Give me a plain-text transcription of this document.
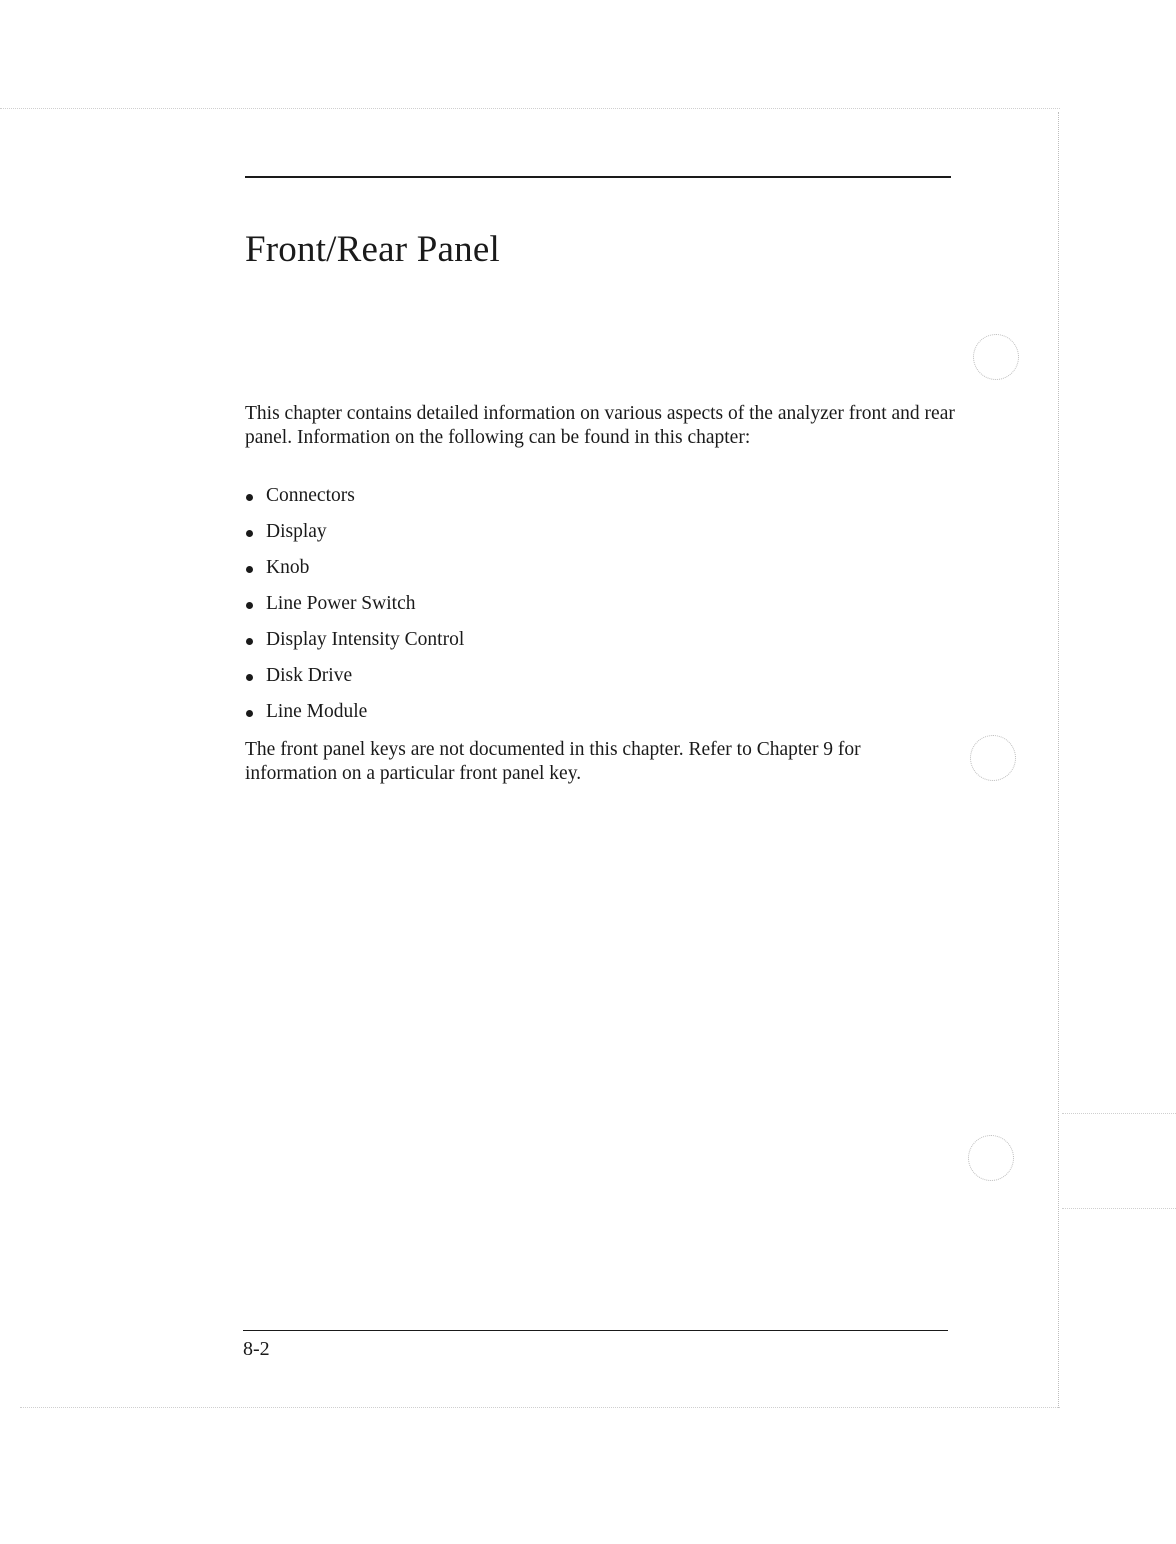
Front/Rear Panel

This chapter contains detailed information on various aspects of the analyzer front and rear panel. Information on the following can be found in this chapter:

Connectors
Display
Knob
Line Power Switch
Display Intensity Control
Disk Drive
Line Module

The front panel keys are not documented in this chapter. Refer to Chapter 9 for information on a particular front panel key.

8-2
